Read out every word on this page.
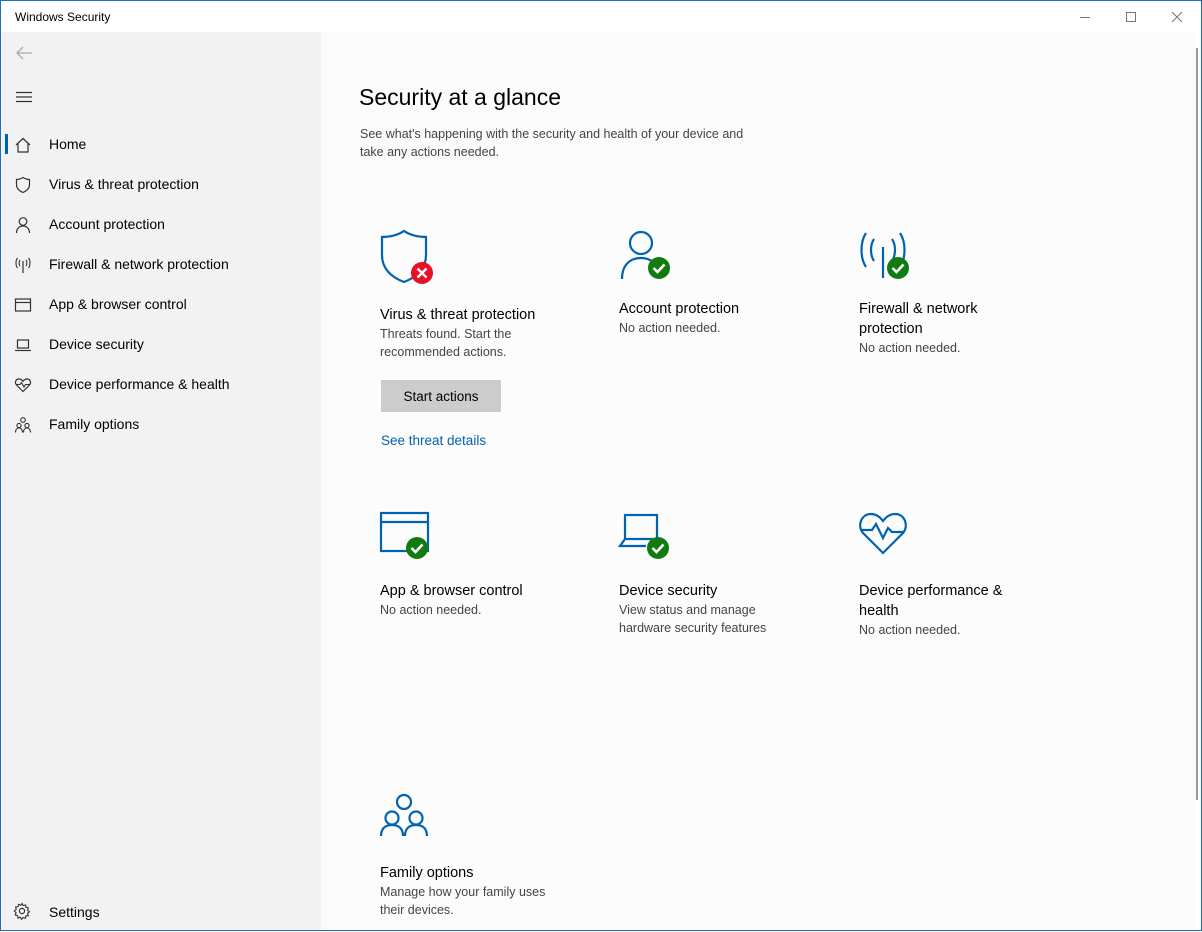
Windows Security
Home
Virus & threat protection
Account protection
Firewall & network protection
App & browser control
Device security
Device performance & health
Family options
Settings
Security at a glance
See what's happening with the security and health of your device and take any actions needed.
Virus & threat protection
Threats found. Start the recommended actions.
Start actions
See threat details
Account protection
No action needed.
Firewall & network protection
No action needed.
App & browser control
No action needed.
Device security
View status and manage hardware security features
Device performance & health
No action needed.
Family options
Manage how your family uses their devices.
